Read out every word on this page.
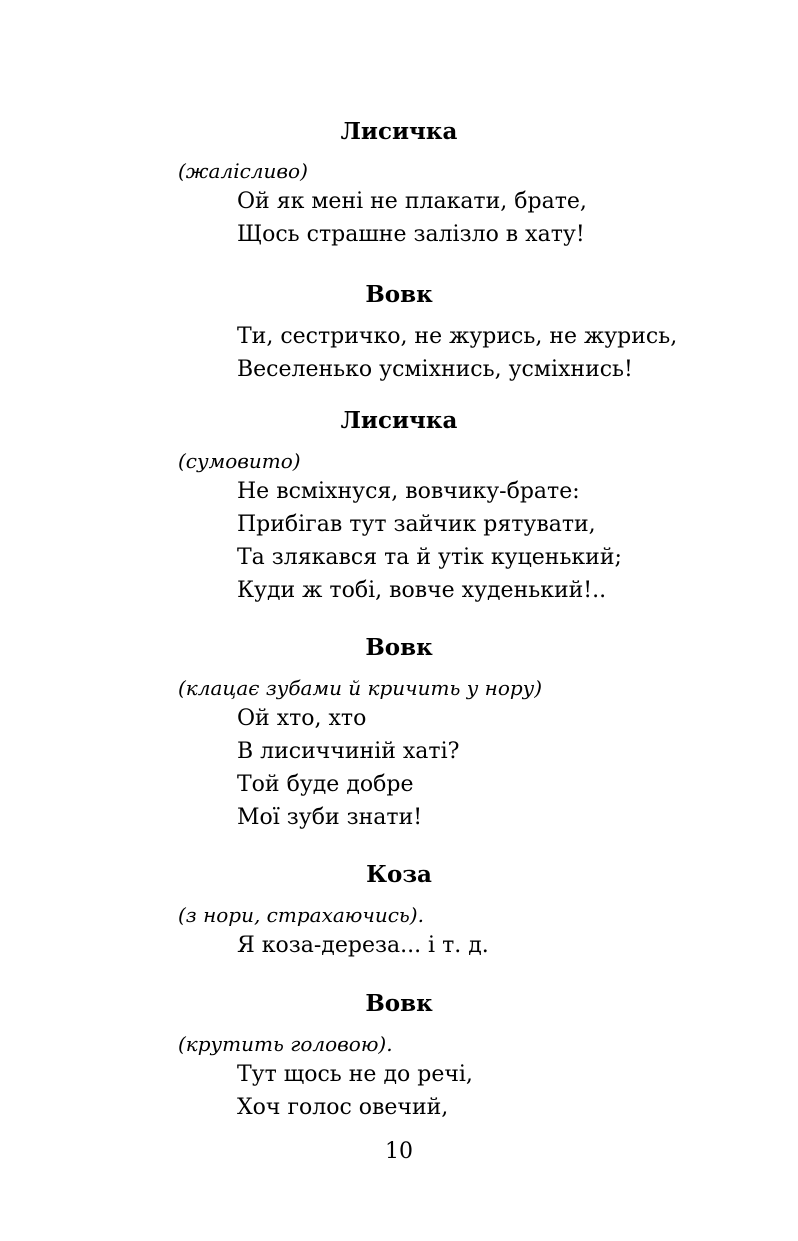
Лисичка
(жалісливо)
Ой як мені не плакати, брате,
Щось страшне залізло в хату!
Вовк
Ти, сестричко, не журись, не журись,
Веселенько усміхнись, усміхнись!
Лисичка
(сумовито)
Не всміхнуся, вовчику-брате:
Прибігав тут зайчик рятувати,
Та злякався та й утік куценький;
Куди ж тобі, вовче худенький!..
Вовк
(клацає зубами й кричить у нору)
Ой хто, хто
В лисиччиній хаті?
Той буде добре
Мої зуби знати!
Коза
(з нори, страхаючись).
Я коза-дереза... і т. д.
Вовк
(крутить головою).
Тут щось не до речі,
Хоч голос овечий,
10
